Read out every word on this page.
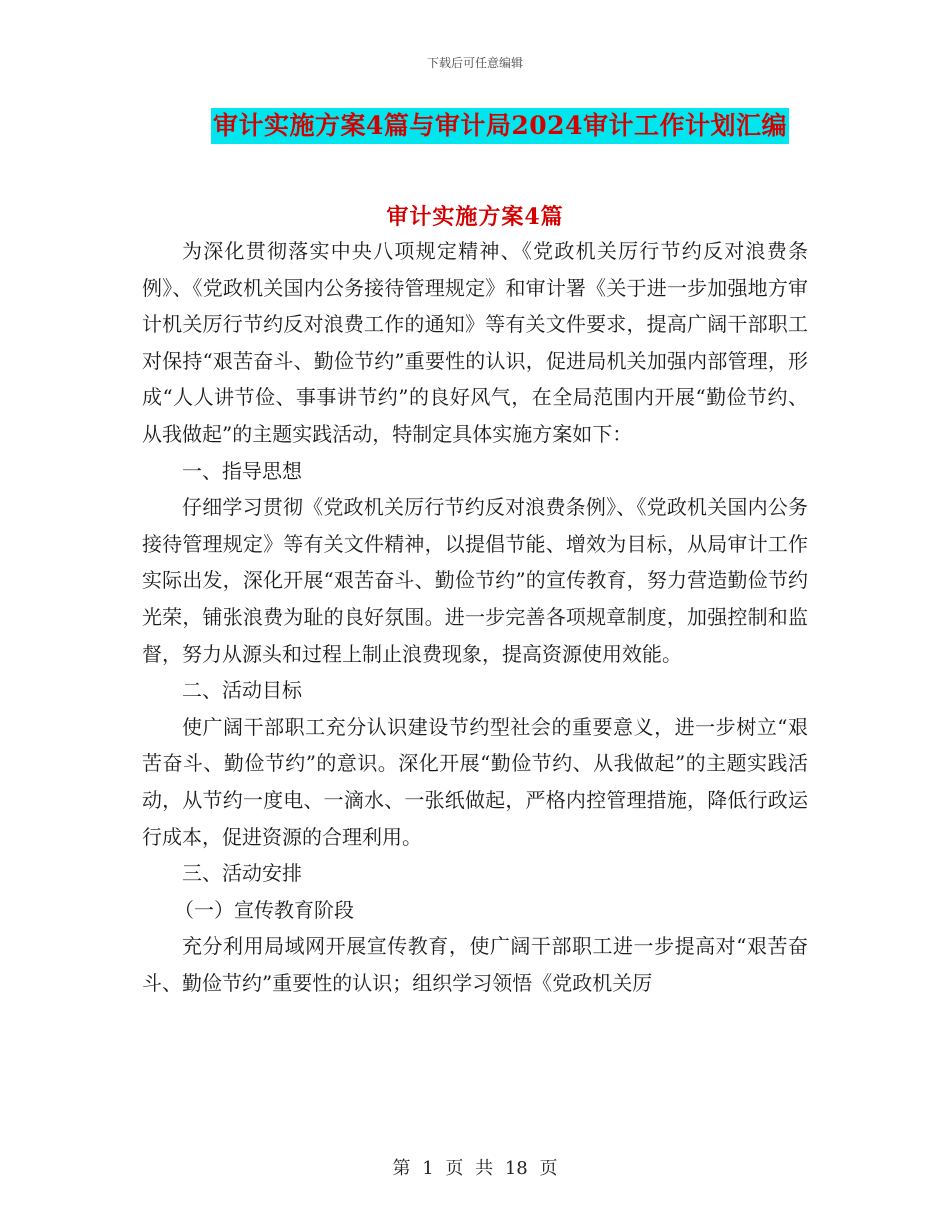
下载后可任意编辑
审计实施方案4篇与审计局2024审计工作计划汇编
审计实施方案4篇

为深化贯彻落实中央八项规定精神、《党政机关厉行节约反对浪费条例》、《党政机关国内公务接待管理规定》和审计署《关于进一步加强地方审计机关厉行节约反对浪费工作的通知》等有关文件要求，提高广阔干部职工对保持“艰苦奋斗、勤俭节约”重要性的认识，促进局机关加强内部管理，形成“人人讲节俭、事事讲节约”的良好风气，在全局范围内开展“勤俭节约、从我做起”的主题实践活动，特制定具体实施方案如下：

一、指导思想

仔细学习贯彻《党政机关厉行节约反对浪费条例》、《党政机关国内公务接待管理规定》等有关文件精神，以提倡节能、增效为目标，从局审计工作实际出发，深化开展“艰苦奋斗、勤俭节约”的宣传教育，努力营造勤俭节约光荣，铺张浪费为耻的良好氛围。进一步完善各项规章制度，加强控制和监督，努力从源头和过程上制止浪费现象，提高资源使用效能。

二、活动目标

使广阔干部职工充分认识建设节约型社会的重要意义，进一步树立“艰苦奋斗、勤俭节约”的意识。深化开展“勤俭节约、从我做起”的主题实践活动，从节约一度电、一滴水、一张纸做起，严格内控管理措施，降低行政运行成本，促进资源的合理利用。

三、活动安排

（一）宣传教育阶段

充分利用局域网开展宣传教育，使广阔干部职工进一步提高对“艰苦奋斗、勤俭节约”重要性的认识；组织学习领悟《党政机关厉

第 1 页 共 18 页
